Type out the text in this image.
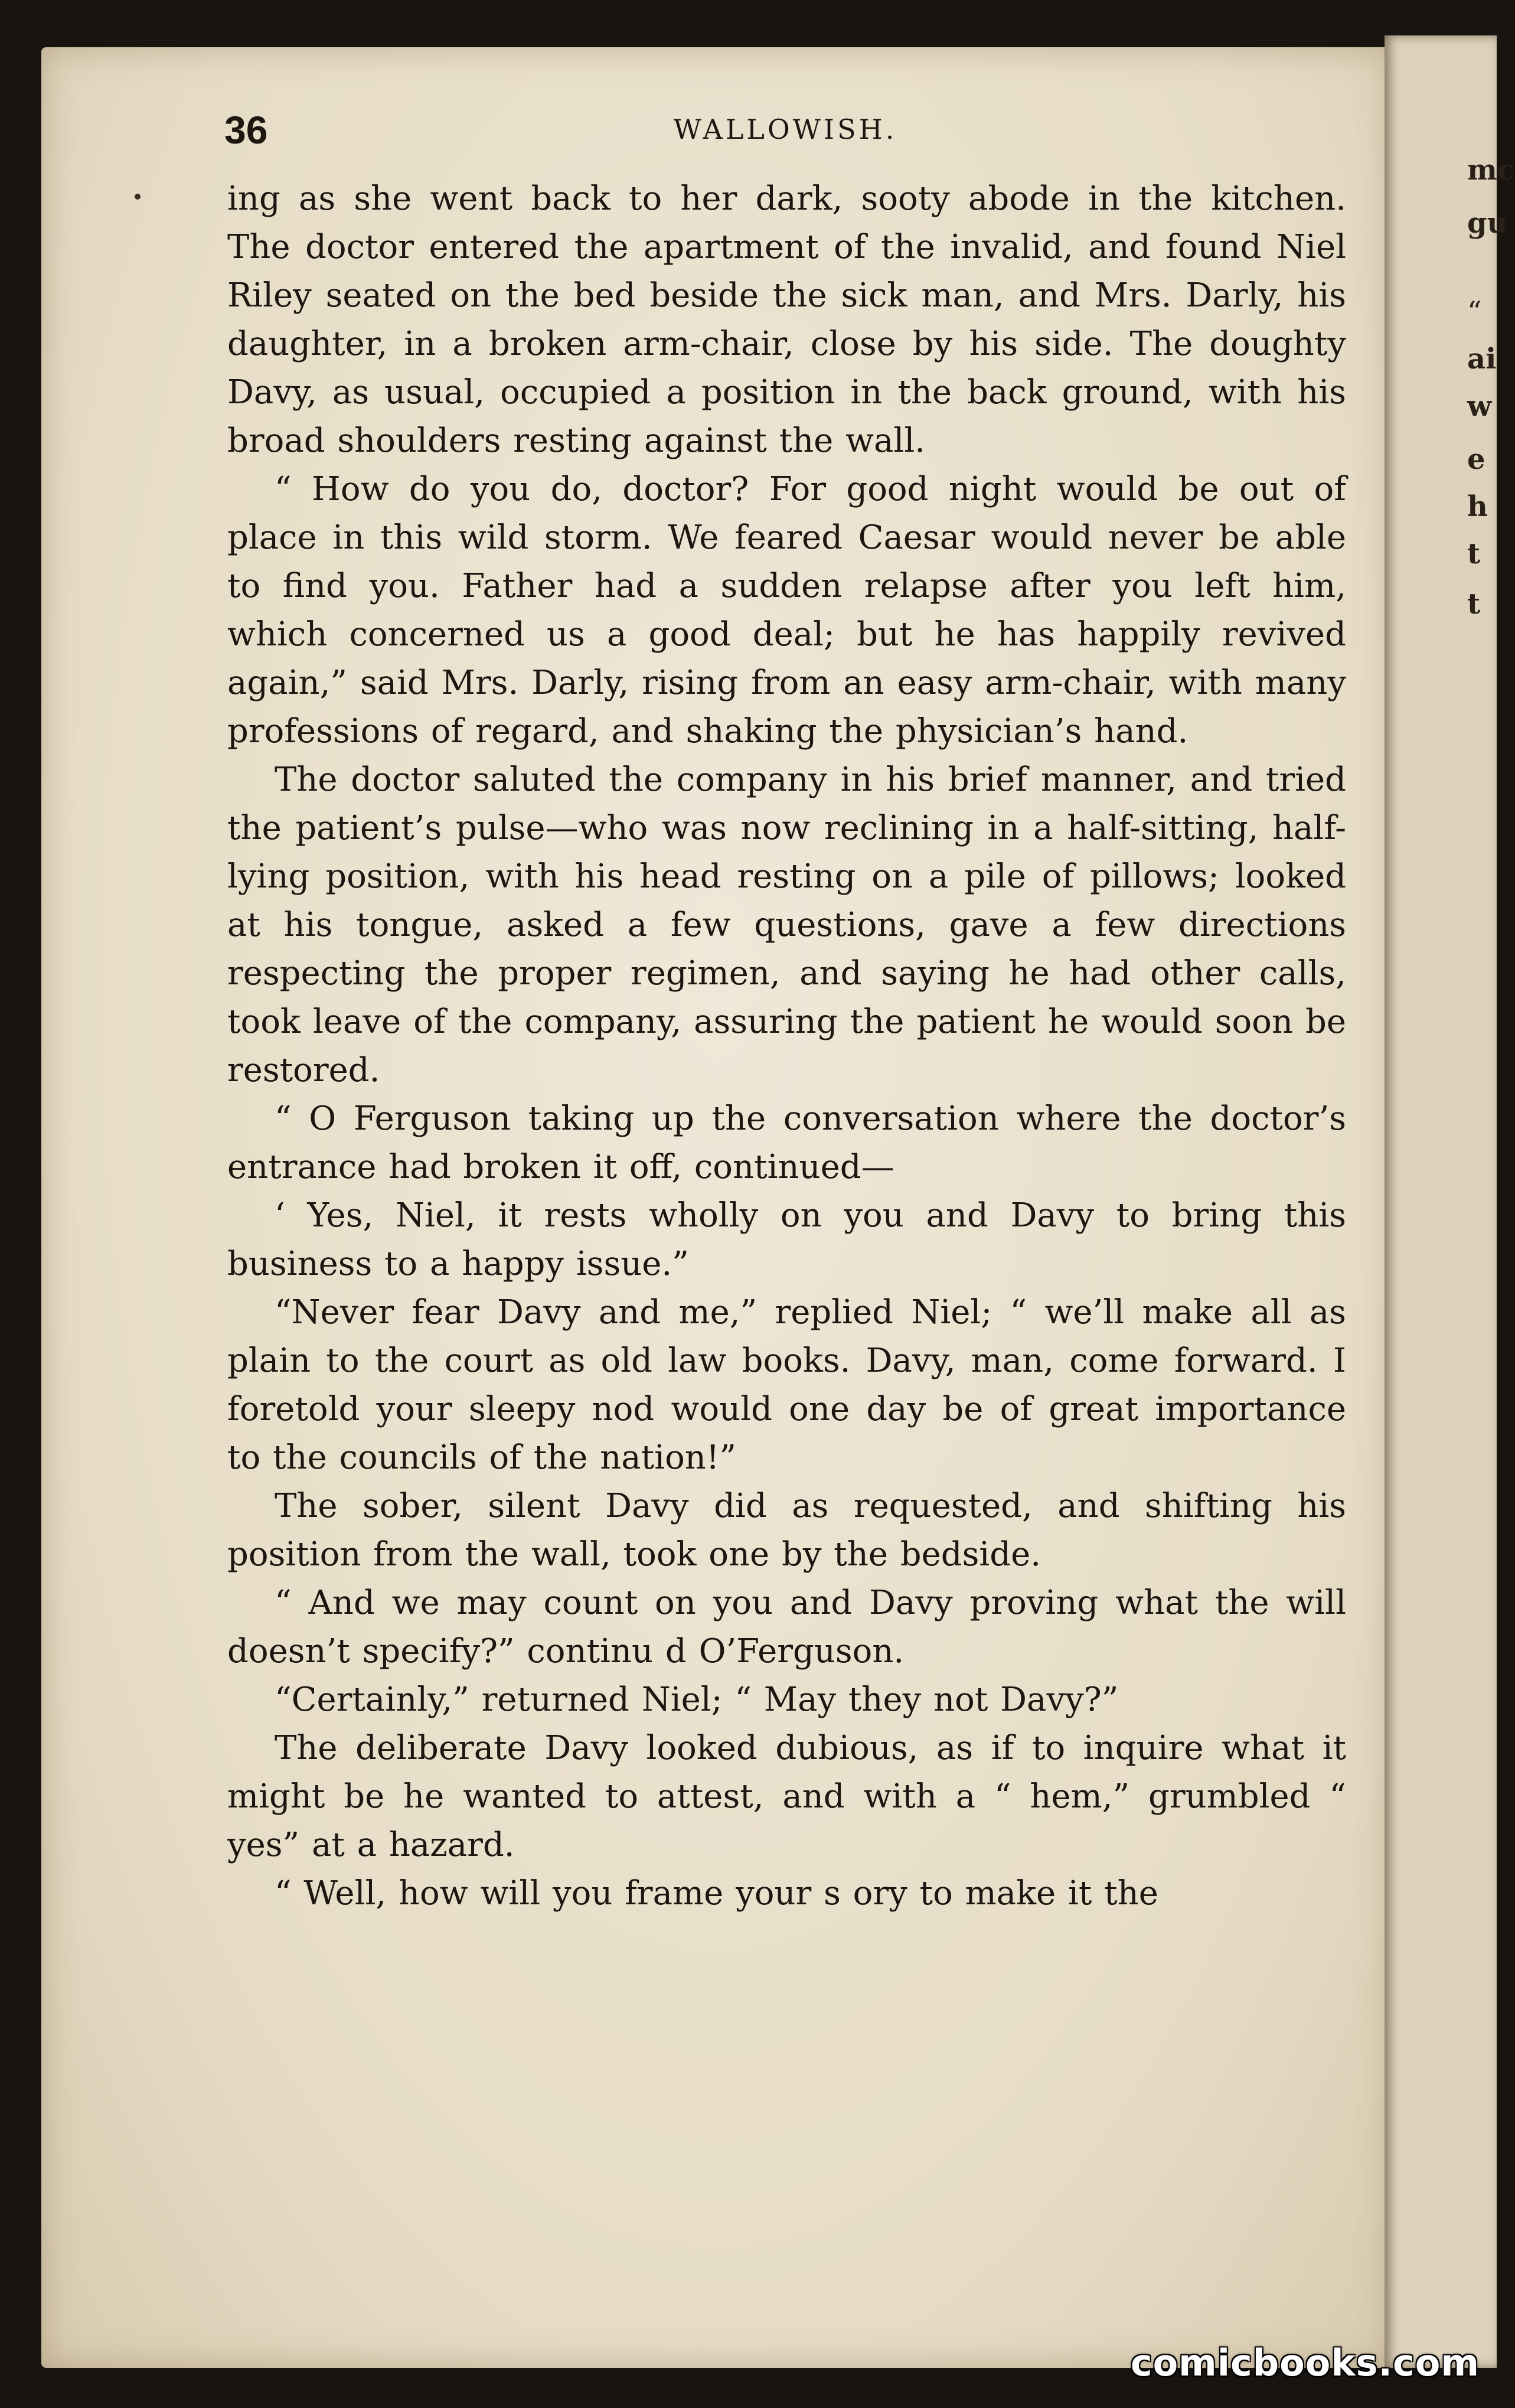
mc
gu
“
ai
w
e
h
t
t
36	WALLOWISH.

ing as she went back to her dark, sooty abode in the kitchen. The doctor entered the apartment of the invalid, and found Niel Riley seated on the bed beside the sick man, and Mrs. Darly, his daughter, in a broken arm-chair, close by his side. The doughty Davy, as usual, occupied a position in the back ground, with his broad shoulders resting against the wall.

“ How do you do, doctor? For good night would be out of place in this wild storm. We feared Caesar would never be able to find you. Father had a sudden relapse after you left him, which concerned us a good deal; but he has happily revived again,” said Mrs. Darly, rising from an easy arm-chair, with many professions of regard, and shaking the physician’s hand.

The doctor saluted the company in his brief manner, and tried the patient’s pulse—who was now reclining in a half-sitting, half-lying position, with his head resting on a pile of pillows; looked at his tongue, asked a few questions, gave a few directions respecting the proper regimen, and saying he had other calls, took leave of the company, assuring the patient he would soon be restored.

“ O Ferguson taking up the conversation where the doctor’s entrance had broken it off, continued—

‘ Yes, Niel, it rests wholly on you and Davy to bring this business to a happy issue.”

“Never fear Davy and me,” replied Niel; “ we’ll make all as plain to the court as old law books. Davy, man, come forward. I foretold your sleepy nod would one day be of great importance to the councils of the nation!”

The sober, silent Davy did as requested, and shifting his position from the wall, took one by the bedside.

“ And we may count on you and Davy proving what the will doesn’t specify?” continu d O’Ferguson.

“Certainly,” returned Niel; “ May they not Davy?”

The deliberate Davy looked dubious, as if to inquire what it might be he wanted to attest, and with a “ hem,” grumbled “ yes” at a hazard.

“ Well, how will you frame your s ory to make it the

comicbooks.com
